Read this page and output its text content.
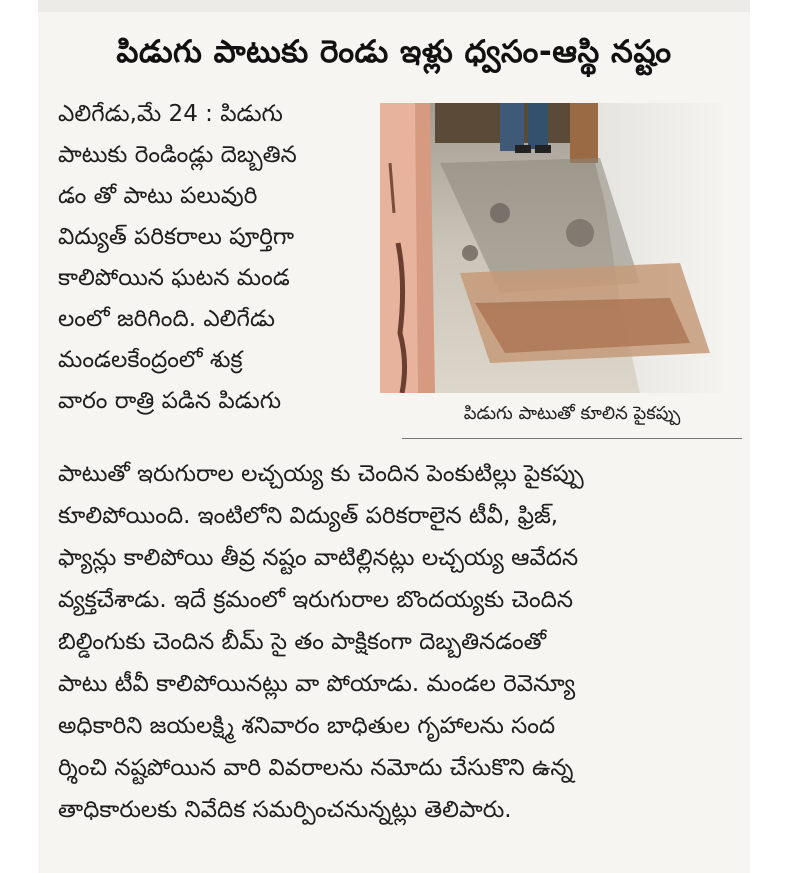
పిడుగు పాటుకు రెండు ఇళ్లు ధ్వసం-ఆస్థి నష్టం
ఎలిగేడు,మే 24 : పిడుగు
పాటుకు రెండిండ్లు దెబ్బతిన
డం తో పాటు పలువురి
విద్యుత్ పరికరాలు పూర్తిగా
కాలిపోయిన ఘటన మండ
లంలో జరిగింది. ఎలిగేడు
మండలకేంద్రంలో శుక్ర
వారం రాత్రి పడిన పిడుగు	పిడుగు పాటుతో కూలిన పైకప్పు
పాటుతో ఇరుగురాల లచ్చయ్య కు చెందిన పెంకుటిల్లు పైకప్పు
కూలిపోయింది. ఇంటిలోని విద్యుత్ పరికరాలైన టీవీ, ఫ్రిజ్,
ఫ్యాన్లు కాలిపోయి తీవ్ర నష్టం వాటిల్లినట్లు లచ్చయ్య ఆవేదన
వ్యక్తచేశాడు. ఇదే క్రమంలో ఇరుగురాల బొందయ్యకు చెందిన
బిల్డింగుకు చెందిన బీమ్ సై తం పాక్షికంగా దెబ్బతినడంతో
పాటు టీవీ కాలిపోయినట్లు వా పోయాడు. మండల రెవెన్యూ
అధికారిని జయలక్ష్మి శనివారం బాధితుల గృహాలను సంద
ర్శించి నష్టపోయిన వారి వివరాలను నమోదు చేసుకొని ఉన్న
తాధికారులకు నివేదిక సమర్పించనున్నట్లు తెలిపారు.
